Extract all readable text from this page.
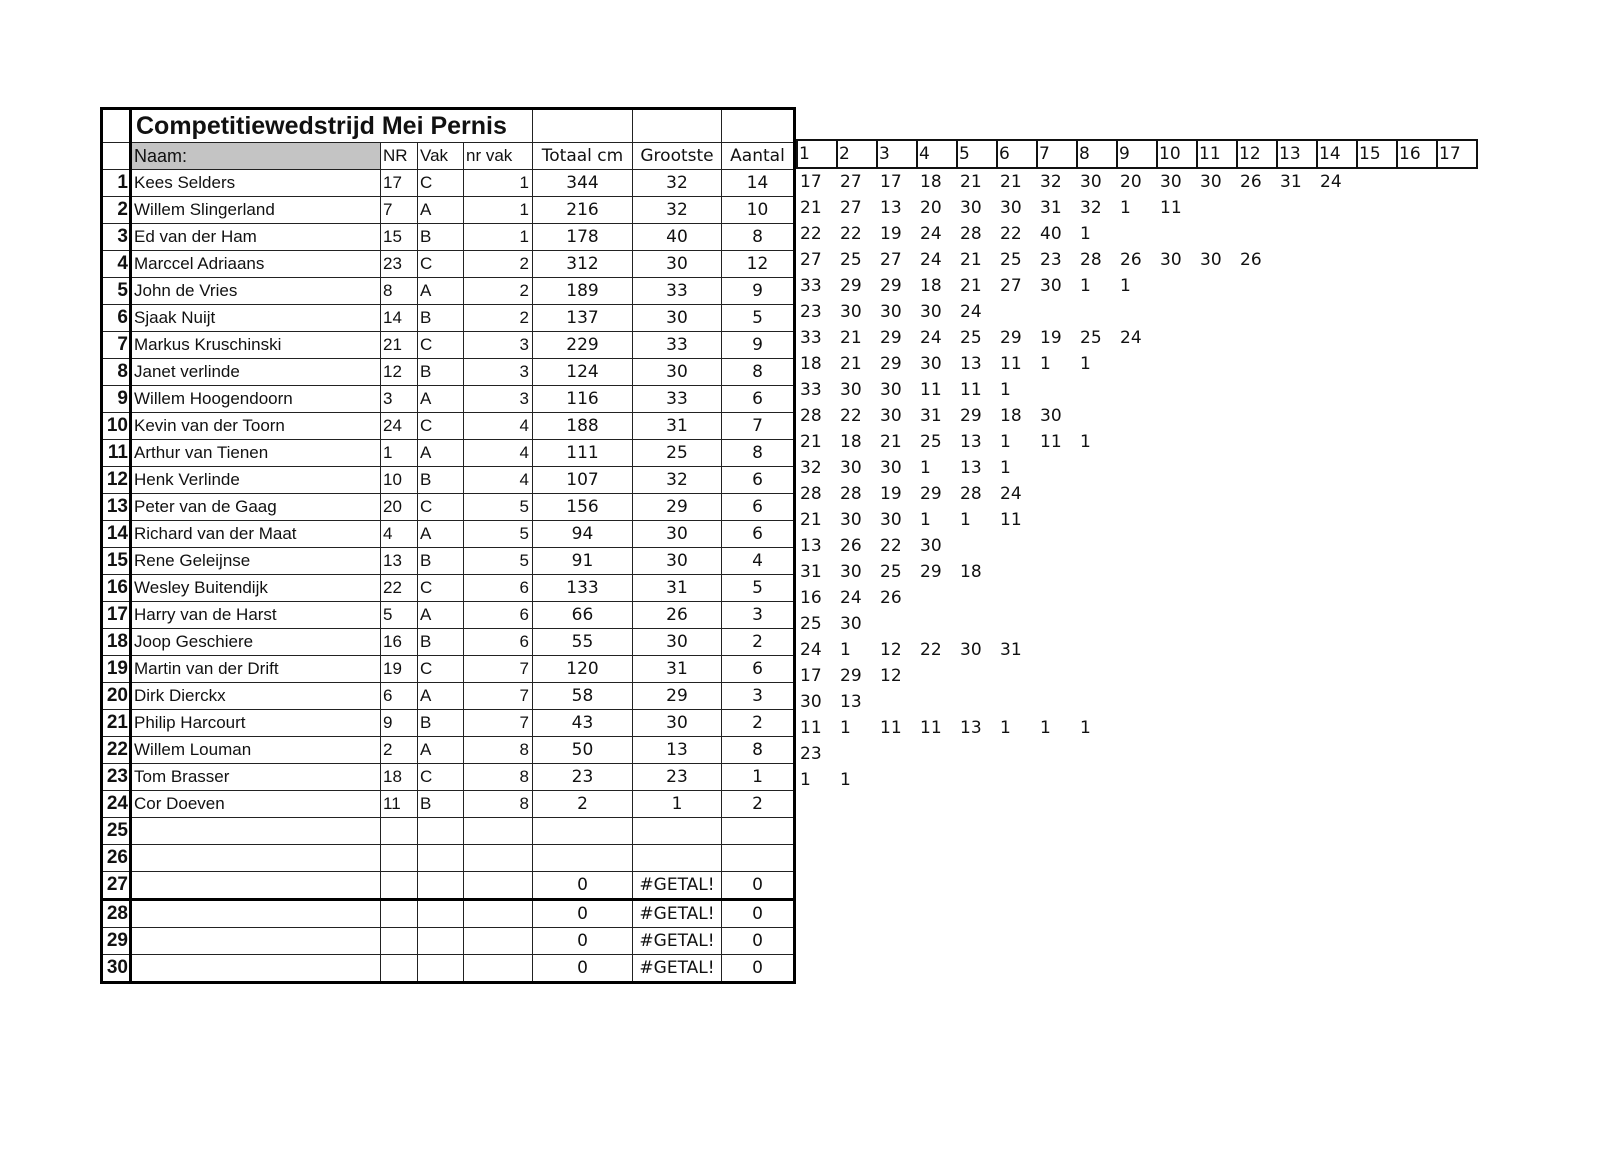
	Competitiewedstrijd Mei Pernis						
	Naam:	NR	Vak	nr vak	Totaal cm	Grootste	Aantal
1	Kees Selders	17	C	1	344	32	14
2	Willem Slingerland	7	A	1	216	32	10
3	Ed van der Ham	15	B	1	178	40	8
4	Marccel Adriaans	23	C	2	312	30	12
5	John de Vries	8	A	2	189	33	9
6	Sjaak Nuijt	14	B	2	137	30	5
7	Markus Kruschinski	21	C	3	229	33	9
8	Janet verlinde	12	B	3	124	30	8
9	Willem Hoogendoorn	3	A	3	116	33	6
10	Kevin van der Toorn	24	C	4	188	31	7
11	Arthur van Tienen	1	A	4	111	25	8
12	Henk Verlinde	10	B	4	107	32	6
13	Peter van de Gaag	20	C	5	156	29	6
14	Richard van der Maat	4	A	5	94	30	6
15	Rene Geleijnse	13	B	5	91	30	4
16	Wesley Buitendijk	22	C	6	133	31	5
17	Harry van de Harst	5	A	6	66	26	3
18	Joop Geschiere	16	B	6	55	30	2
19	Martin van der Drift	19	C	7	120	31	6
20	Dirk Dierckx	6	A	7	58	29	3
21	Philip Harcourt	9	B	7	43	30	2
22	Willem Louman	2	A	8	50	13	8
23	Tom Brasser	18	C	8	23	23	1
24	Cor Doeven	11	B	8	2	1	2
25							
26							
27					0	#GETAL!	0
28					0	#GETAL!	0
29					0	#GETAL!	0
30					0	#GETAL!	0
1	2	3	4	5	6	7	8	9	10	11	12	13	14	15	16	17
17	27	17	18	21	21	32	30	20	30	30	26	31	24			
21	27	13	20	30	30	31	32	1	11							
22	22	19	24	28	22	40	1									
27	25	27	24	21	25	23	28	26	30	30	26					
33	29	29	18	21	27	30	1	1								
23	30	30	30	24												
33	21	29	24	25	29	19	25	24								
18	21	29	30	13	11	1	1									
33	30	30	11	11	1											
28	22	30	31	29	18	30										
21	18	21	25	13	1	11	1									
32	30	30	1	13	1											
28	28	19	29	28	24											
21	30	30	1	1	11											
13	26	22	30													
31	30	25	29	18												
16	24	26														
25	30															
24	1	12	22	30	31											
17	29	12														
30	13															
11	1	11	11	13	1	1	1									
23																
1	1															
